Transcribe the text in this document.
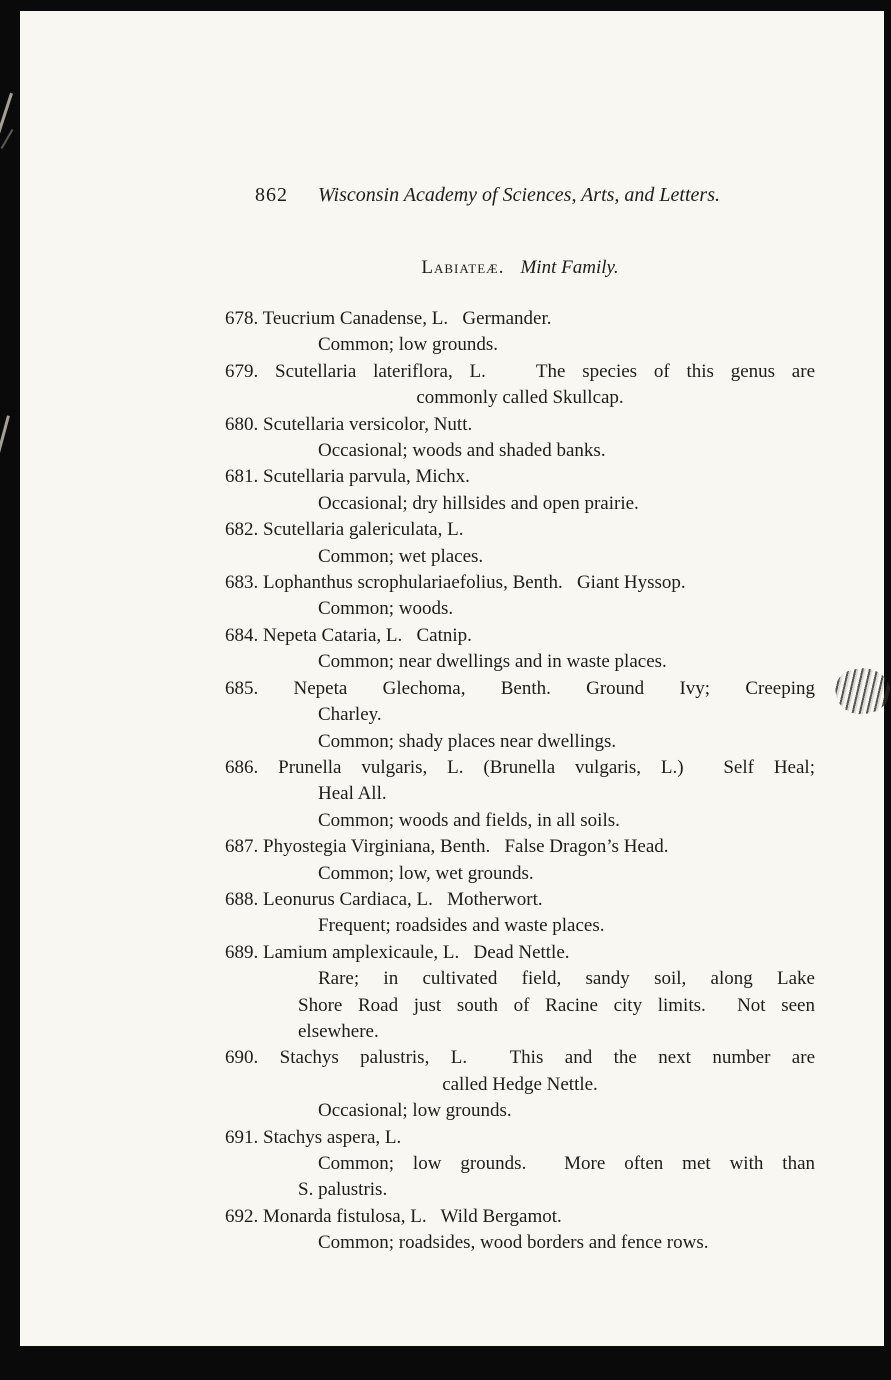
862 Wisconsin Academy of Sciences, Arts, and Letters.

Labiateæ. Mint Family.
678. Teucrium Canadense, L.   Germander.
Common; low grounds.
679. Scutellaria lateriflora, L.   The species of this genus are
commonly called Skullcap.
680. Scutellaria versicolor, Nutt.
Occasional; woods and shaded banks.
681. Scutellaria parvula, Michx.
Occasional; dry hillsides and open prairie.
682. Scutellaria galericulata, L.
Common; wet places.
683. Lophanthus scrophulariaefolius, Benth.   Giant Hyssop.
Common; woods.
684. Nepeta Cataria, L.   Catnip.
Common; near dwellings and in waste places.
685. Nepeta Glechoma, Benth. Ground Ivy; Creeping
Charley.
Common; shady places near dwellings.
686. Prunella vulgaris, L. (Brunella vulgaris, L.)  Self Heal;
Heal All.
Common; woods and fields, in all soils.
687. Phyostegia Virginiana, Benth.   False Dragon’s Head.
Common; low, wet grounds.
688. Leonurus Cardiaca, L.   Motherwort.
Frequent; roadsides and waste places.
689. Lamium amplexicaule, L.   Dead Nettle.
Rare; in cultivated field, sandy soil, along Lake
Shore Road just south of Racine city limits.  Not seen
elsewhere.
690. Stachys palustris, L.  This and the next number are
called Hedge Nettle.
Occasional; low grounds.
691. Stachys aspera, L.
Common; low grounds.  More often met with than
S. palustris.
692. Monarda fistulosa, L.   Wild Bergamot.
Common; roadsides, wood borders and fence rows.
